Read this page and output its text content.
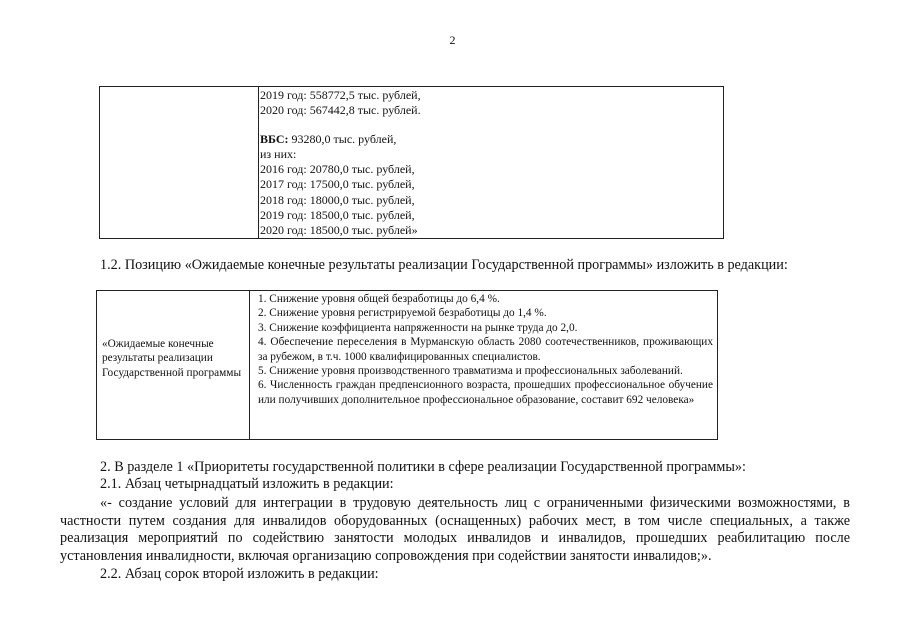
2
2019 год: 558772,5 тыс. рублей,
2020 год: 567442,8 тыс. рублей.
ВБС: 93280,0 тыс. рублей,
из них:
2016 год: 20780,0 тыс. рублей,
2017 год: 17500,0 тыс. рублей,
2018 год: 18000,0 тыс. рублей,
2019 год: 18500,0 тыс. рублей,
2020 год: 18500,0 тыс. рублей»
1.2. Позицию «Ожидаемые конечные результаты реализации Государственной программы» изложить в редакции:
«Ожидаемые конечные результаты реализации Государственной программы
1. Снижение уровня общей безработицы до 6,4 %.
2. Снижение уровня регистрируемой безработицы до 1,4 %.
3. Снижение коэффициента напряженности на рынке труда до 2,0.
4. Обеспечение переселения в Мурманскую область 2080 соотечественников, проживающих за рубежом, в т.ч. 1000 квалифицированных специалистов.
5. Снижение уровня производственного травматизма и профессиональных заболеваний.
6. Численность граждан предпенсионного возраста, прошедших профессиональное обучение или получивших дополнительное профессиональное образование, составит 692 человека»
2. В разделе 1 «Приоритеты государственной политики в сфере реализации Государственной программы»:
2.1. Абзац четырнадцатый изложить в редакции:
«- создание условий для интеграции в трудовую деятельность лиц с ограниченными физическими возможностями, в частности путем создания для инвалидов оборудованных (оснащенных) рабочих мест, в том числе специальных, а также реализация мероприятий по содействию занятости молодых инвалидов и инвалидов, прошедших реабилитацию после установления инвалидности, включая организацию сопровождения при содействии занятости инвалидов;».
2.2. Абзац сорок второй изложить в редакции:
